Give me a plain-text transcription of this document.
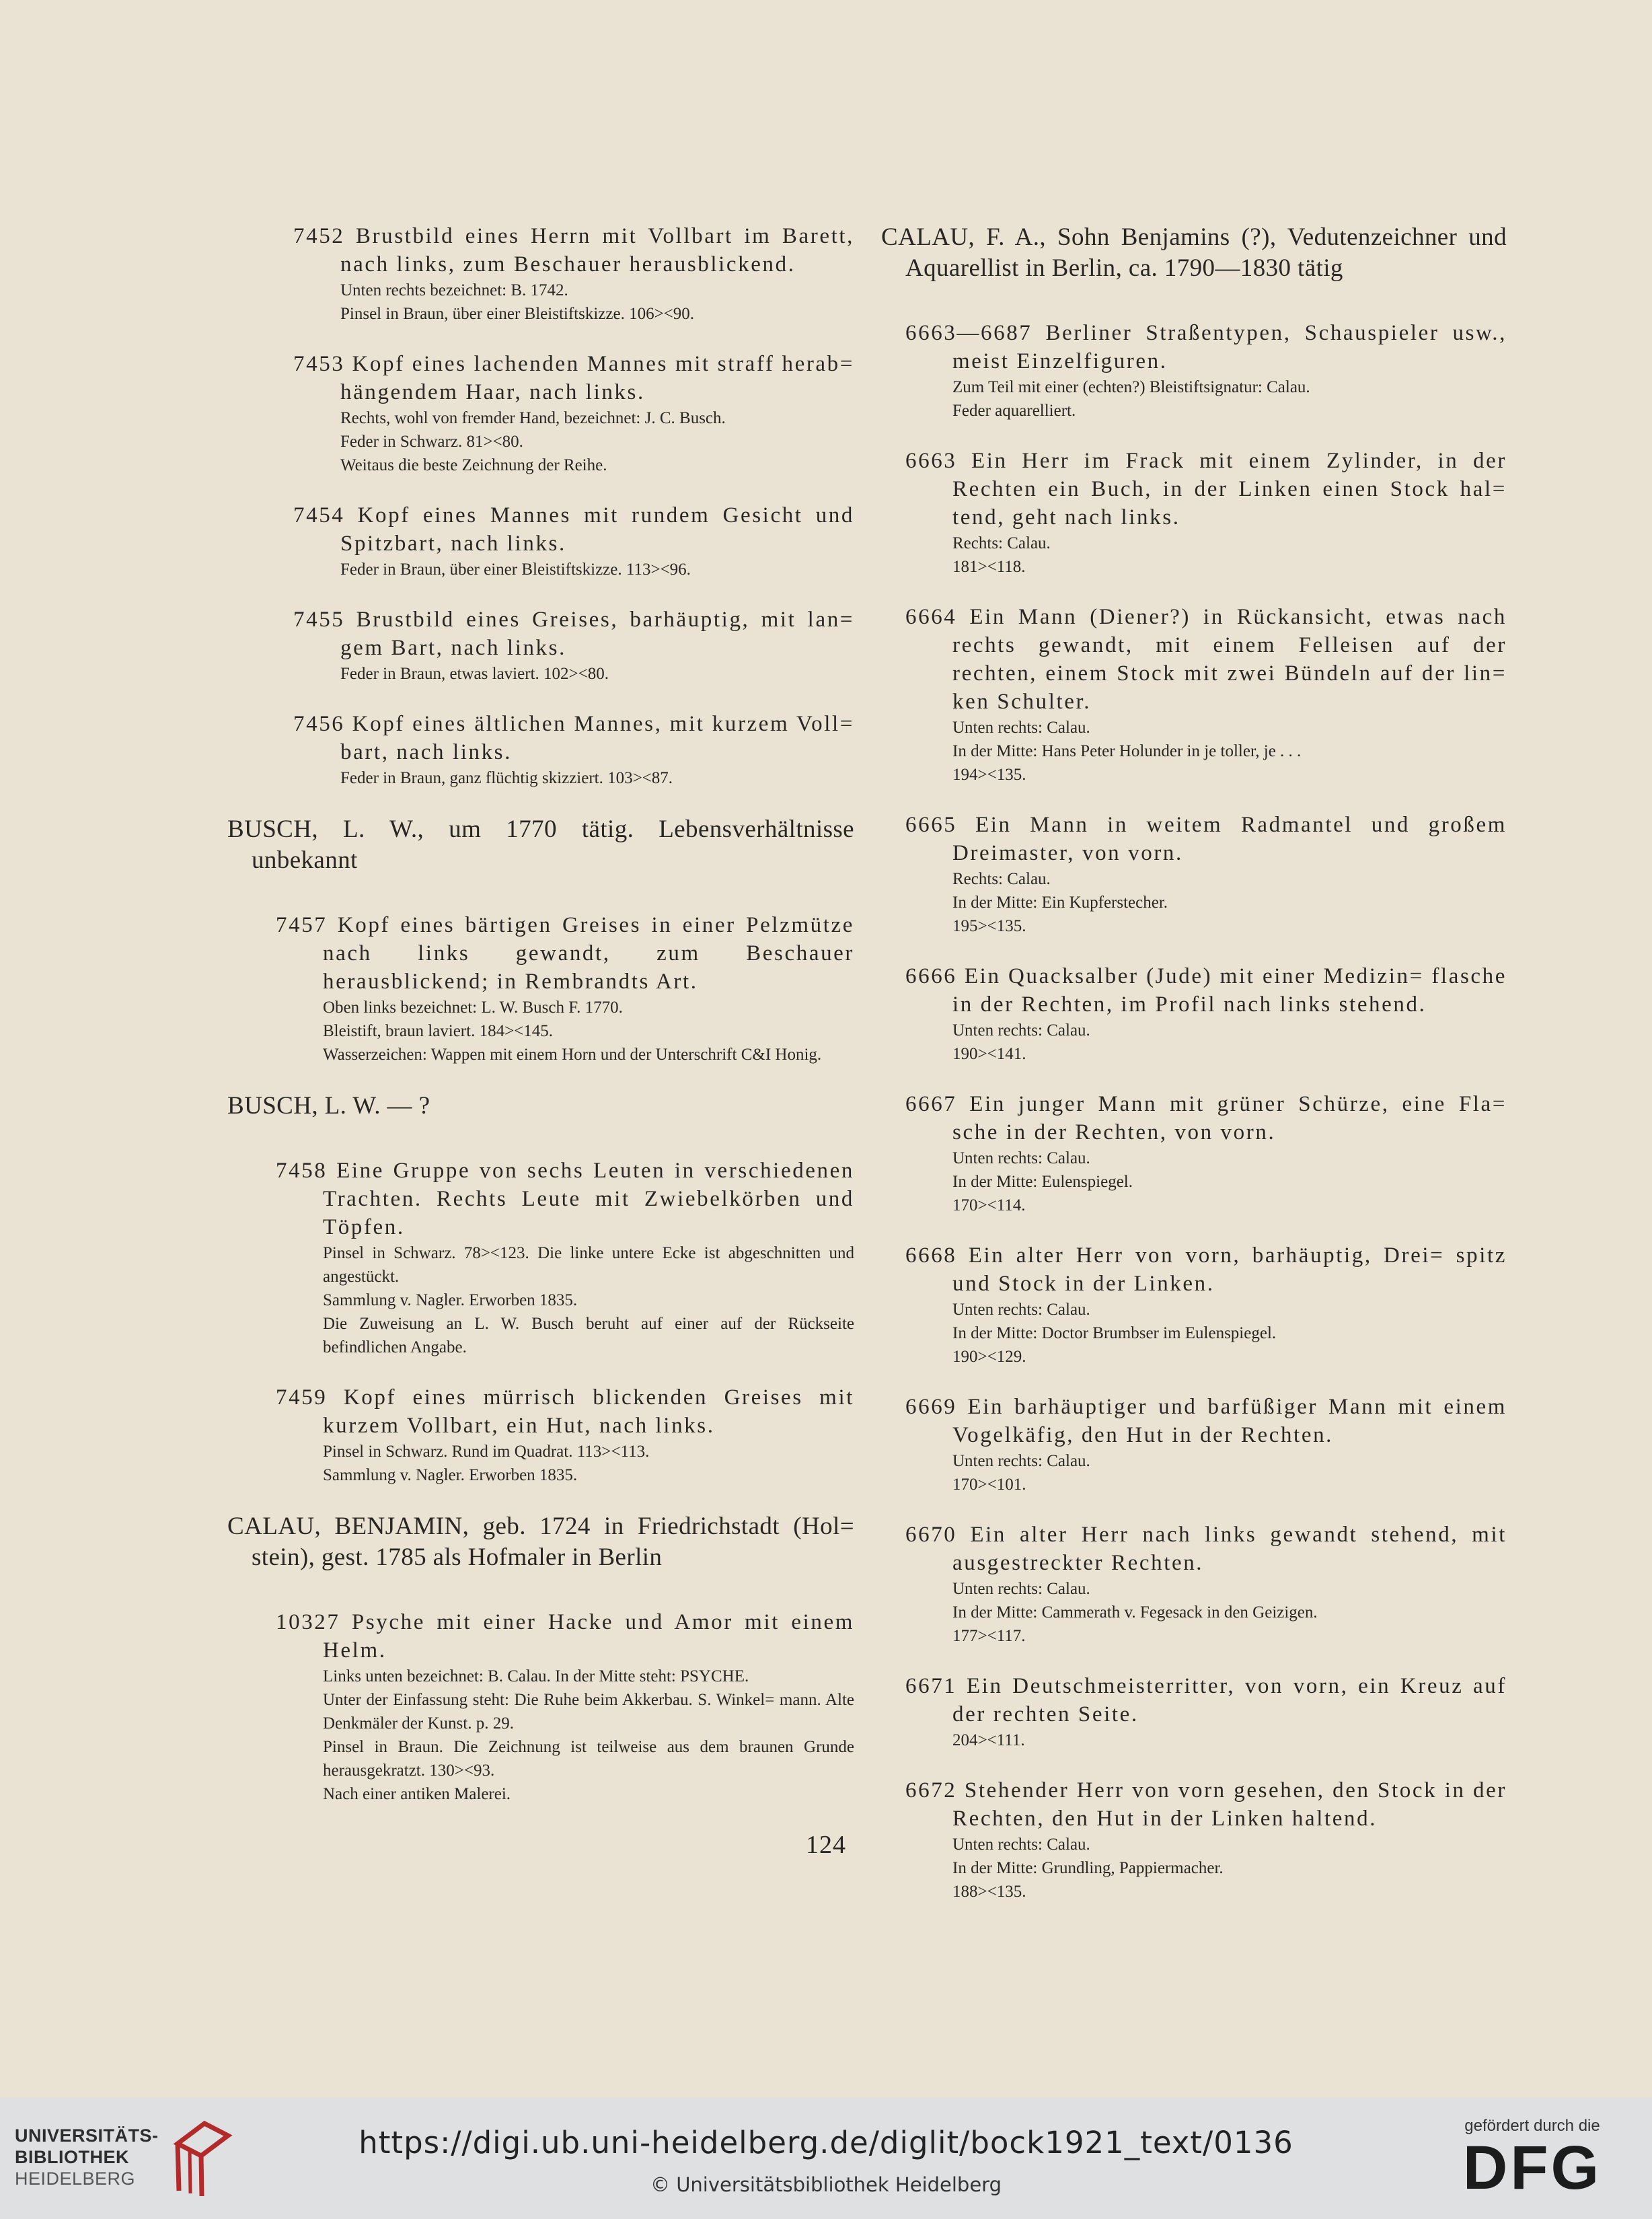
7452 Brustbild eines Herrn mit Vollbart im Barett, nach links, zum Beschauer herausblickend.
Unten rechts bezeichnet: B. 1742.
Pinsel in Braun, über einer Bleistiftskizze. 106><90.
7453 Kopf eines lachenden Mannes mit straff herab= hängendem Haar, nach links.
Rechts, wohl von fremder Hand, bezeichnet: J. C. Busch.
Feder in Schwarz. 81><80.
Weitaus die beste Zeichnung der Reihe.
7454 Kopf eines Mannes mit rundem Gesicht und Spitzbart, nach links.
Feder in Braun, über einer Bleistiftskizze. 113><96.
7455 Brustbild eines Greises, barhäuptig, mit lan= gem Bart, nach links.
Feder in Braun, etwas laviert. 102><80.
7456 Kopf eines ältlichen Mannes, mit kurzem Voll= bart, nach links.
Feder in Braun, ganz flüchtig skizziert. 103><87.
BUSCH, L. W., um 1770 tätig. Lebensverhältnisse unbekannt
7457 Kopf eines bärtigen Greises in einer Pelzmütze nach links gewandt, zum Beschauer herausblickend; in Rembrandts Art.
Oben links bezeichnet: L. W. Busch F. 1770.
Bleistift, braun laviert. 184><145.
Wasserzeichen: Wappen mit einem Horn und der Unterschrift C&I Honig.
BUSCH, L. W. — ?
7458 Eine Gruppe von sechs Leuten in verschiedenen Trachten. Rechts Leute mit Zwiebelkörben und Töpfen.
Pinsel in Schwarz. 78><123. Die linke untere Ecke ist abgeschnitten und angestückt.
Sammlung v. Nagler. Erworben 1835.
Die Zuweisung an L. W. Busch beruht auf einer auf der Rückseite befindlichen Angabe.
7459 Kopf eines mürrisch blickenden Greises mit kurzem Vollbart, ein Hut, nach links.
Pinsel in Schwarz. Rund im Quadrat. 113><113.
Sammlung v. Nagler. Erworben 1835.
CALAU, BENJAMIN, geb. 1724 in Friedrichstadt (Hol= stein), gest. 1785 als Hofmaler in Berlin
10327 Psyche mit einer Hacke und Amor mit einem Helm.
Links unten bezeichnet: B. Calau. In der Mitte steht: PSYCHE.
Unter der Einfassung steht: Die Ruhe beim Akkerbau. S. Winkel= mann. Alte Denkmäler der Kunst. p. 29.
Pinsel in Braun. Die Zeichnung ist teilweise aus dem braunen Grunde herausgekratzt. 130><93.
Nach einer antiken Malerei.
CALAU, F. A., Sohn Benjamins (?), Vedutenzeichner und Aquarellist in Berlin, ca. 1790—1830 tätig
6663—6687 Berliner Straßentypen, Schauspieler usw., meist Einzelfiguren.
Zum Teil mit einer (echten?) Bleistiftsignatur: Calau.
Feder aquarelliert.
6663 Ein Herr im Frack mit einem Zylinder, in der Rechten ein Buch, in der Linken einen Stock hal= tend, geht nach links.
Rechts: Calau.
181><118.
6664 Ein Mann (Diener?) in Rückansicht, etwas nach rechts gewandt, mit einem Felleisen auf der rechten, einem Stock mit zwei Bündeln auf der lin= ken Schulter.
Unten rechts: Calau.
In der Mitte: Hans Peter Holunder in je toller, je . . .
194><135.
6665 Ein Mann in weitem Radmantel und großem Dreimaster, von vorn.
Rechts: Calau.
In der Mitte: Ein Kupferstecher.
195><135.
6666 Ein Quacksalber (Jude) mit einer Medizin= flasche in der Rechten, im Profil nach links stehend.
Unten rechts: Calau.
190><141.
6667 Ein junger Mann mit grüner Schürze, eine Fla= sche in der Rechten, von vorn.
Unten rechts: Calau.
In der Mitte: Eulenspiegel.
170><114.
6668 Ein alter Herr von vorn, barhäuptig, Drei= spitz und Stock in der Linken.
Unten rechts: Calau.
In der Mitte: Doctor Brumbser im Eulenspiegel.
190><129.
6669 Ein barhäuptiger und barfüßiger Mann mit einem Vogelkäfig, den Hut in der Rechten.
Unten rechts: Calau.
170><101.
6670 Ein alter Herr nach links gewandt stehend, mit ausgestreckter Rechten.
Unten rechts: Calau.
In der Mitte: Cammerath v. Fegesack in den Geizigen.
177><117.
6671 Ein Deutschmeisterritter, von vorn, ein Kreuz auf der rechten Seite.
204><111.
6672 Stehender Herr von vorn gesehen, den Stock in der Rechten, den Hut in der Linken haltend.
Unten rechts: Calau.
In der Mitte: Grundling, Pappiermacher.
188><135.
124
UNIVERSITÄTS-
BIBLIOTHEK
HEIDELBERG
https://digi.ub.uni-heidelberg.de/diglit/bock1921_text/0136
© Universitätsbibliothek Heidelberg
gefördert durch die
DFG
